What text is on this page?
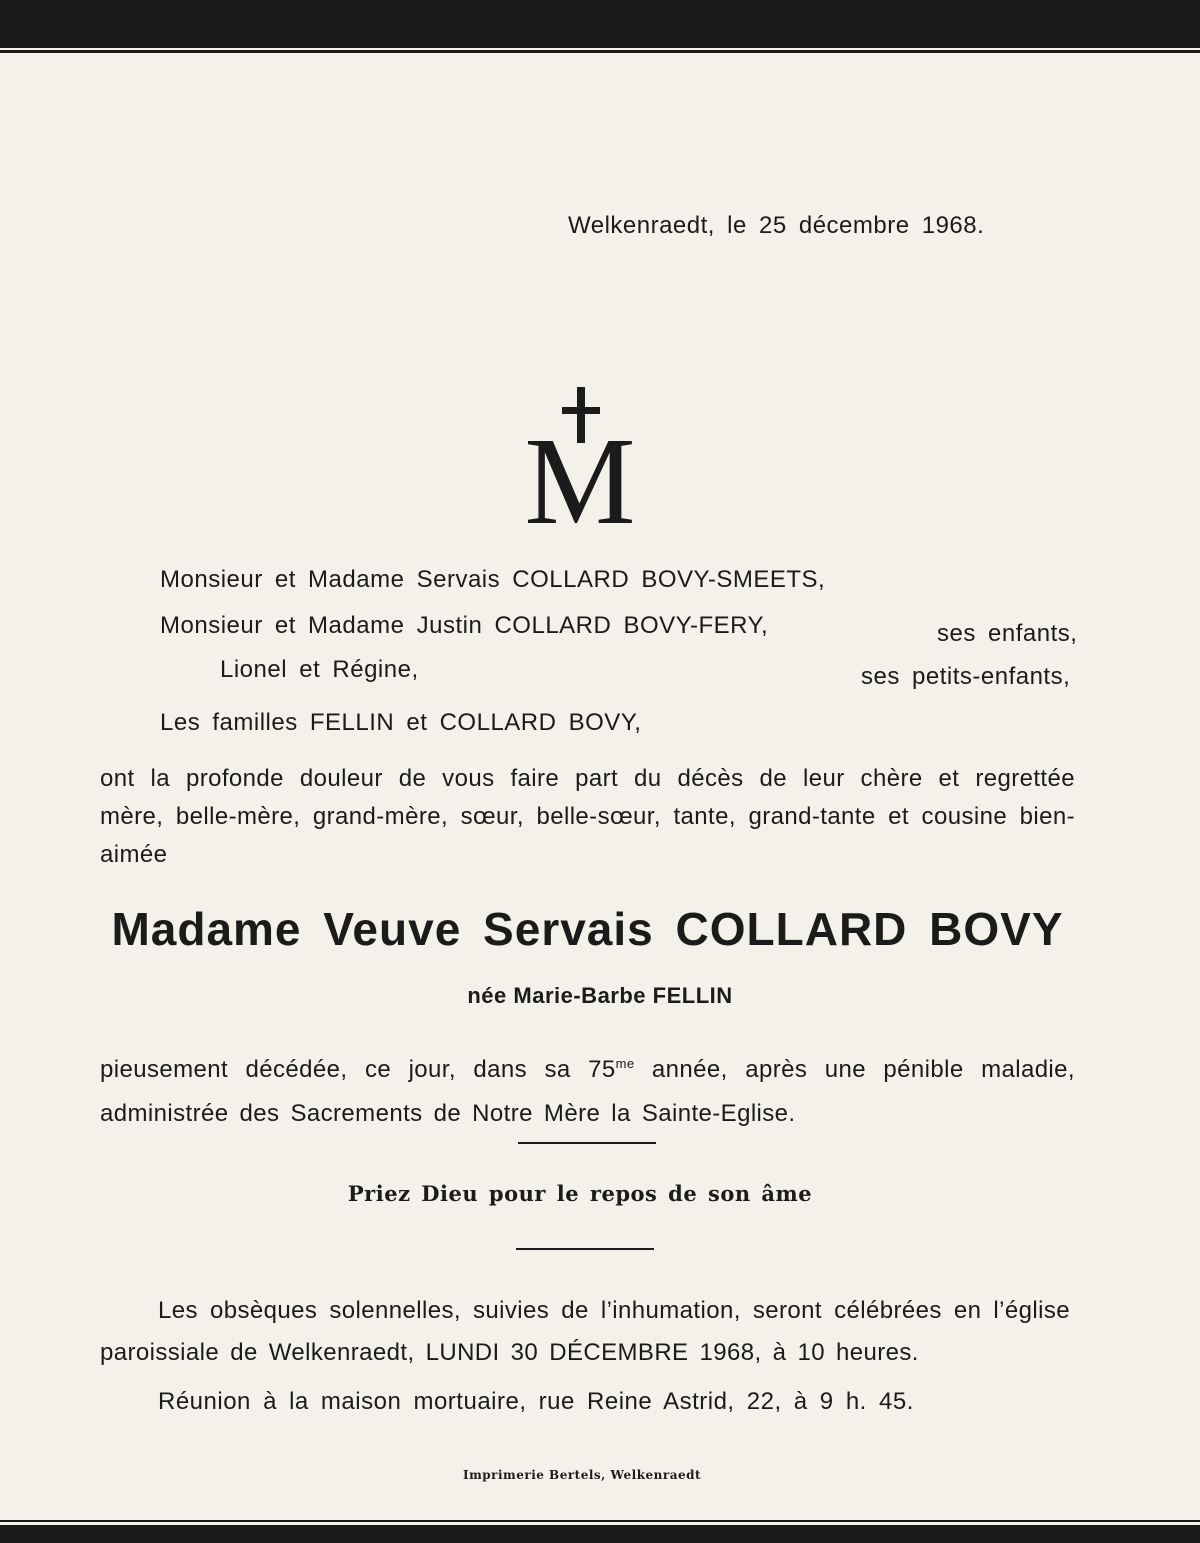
Welkenraedt, le 25 décembre 1968.
M
Monsieur et Madame Servais COLLARD BOVY-SMEETS,
Monsieur et Madame Justin COLLARD BOVY-FERY,	ses enfants,
Lionel et Régine,	ses petits-enfants,
Les familles FELLIN et COLLARD BOVY,
ont la profonde douleur de vous faire part du décès de leur chère et regrettée mère, belle-mère, grand-mère, sœur, belle-sœur, tante, grand-tante et cousine bien-aimée
Madame Veuve Servais COLLARD BOVY
née Marie-Barbe FELLIN
pieusement décédée, ce jour, dans sa $75^{me}$ année, après une pénible maladie, administrée des Sacrements de Notre Mère la Sainte-Eglise.
Priez Dieu pour le repos de son âme
Les obsèques solennelles, suivies de l’inhumation, seront célébrées en l’église paroissiale de Welkenraedt, LUNDI 30 DÉCEMBRE 1968, à 10 heures.
Réunion à la maison mortuaire, rue Reine Astrid, 22, à 9 h. 45.
Imprimerie Bertels, Welkenraedt
